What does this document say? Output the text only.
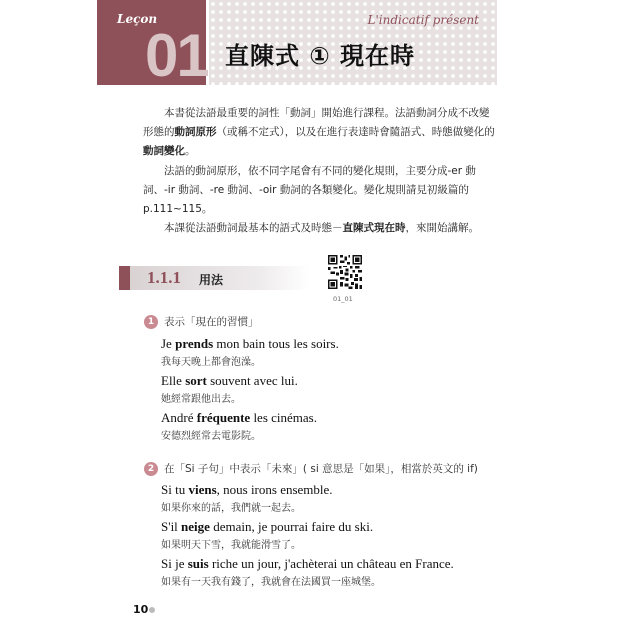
Leçon
01
L'indicatif présent
直陳式 ① 現在時

本書從法語最重要的詞性「動詞」開始進行課程。法語動詞分成不改變形態的動詞原形（或稱不定式），以及在進行表達時會隨語式、時態做變化的動詞變化。

法語的動詞原形，依不同字尾會有不同的變化規則，主要分成-er 動詞、-ir 動詞、-re 動詞、-oir 動詞的各類變化。變化規則請見初級篇的 p.111~115。

本課從法語動詞最基本的語式及時態－直陳式現在時，來開始講解。

1.1.1 用法
01_01
1 表示「現在的習慣」
Je prends mon bain tous les soirs.
我每天晚上都會泡澡。
Elle sort souvent avec lui.
她經常跟他出去。
André fréquente les cinémas.
安德烈經常去電影院。
2 在「Si 子句」中表示「未來」( si 意思是「如果」，相當於英文的 if)
Si tu viens, nous irons ensemble.
如果你來的話，我們就一起去。
S'il neige demain, je pourrai faire du ski.
如果明天下雪，我就能滑雪了。
Si je suis riche un jour, j'achèterai un château en France.
如果有一天我有錢了，我就會在法國買一座城堡。
10
